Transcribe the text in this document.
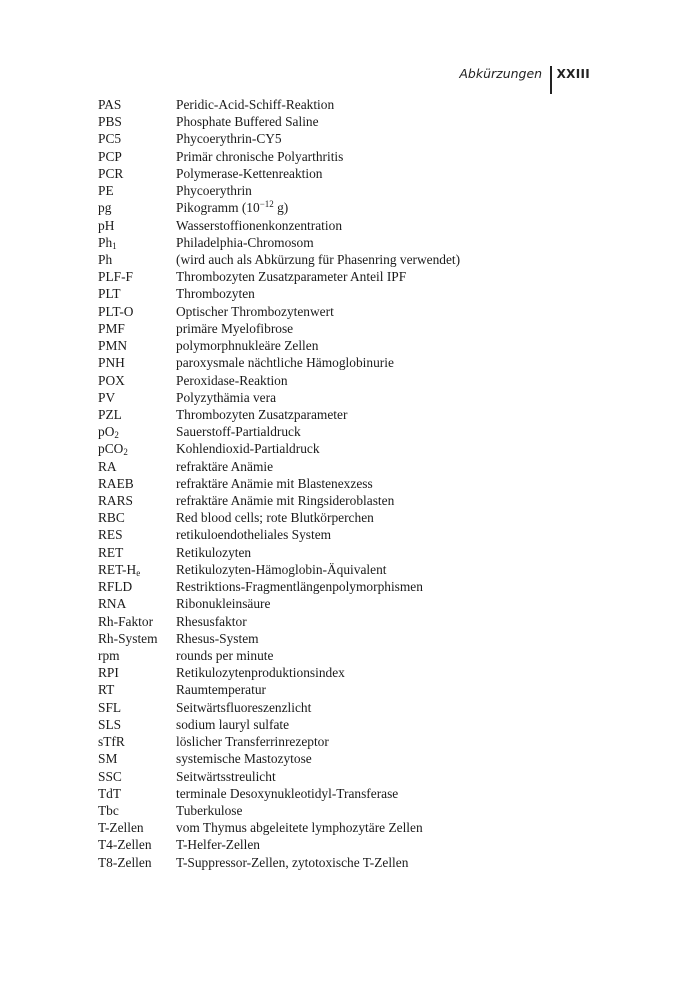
Abkürzungen	XXIII
PAS	Peridic-Acid-Schiff-Reaktion
PBS	Phosphate Buffered Saline
PC5	Phycoerythrin-CY5
PCP	Primär chronische Polyarthritis
PCR	Polymerase-Kettenreaktion
PE	Phycoerythrin
pg	Pikogramm ($10^{-12}$ g)
pH	Wasserstoffionenkonzentration
$Ph_1$	Philadelphia-Chromosom
Ph	(wird auch als Abkürzung für Phasenring verwendet)
PLF-F	Thrombozyten Zusatzparameter Anteil IPF
PLT	Thrombozyten
PLT-O	Optischer Thrombozytenwert
PMF	primäre Myelofibrose
PMN	polymorphnukleäre Zellen
PNH	paroxysmale nächtliche Hämoglobinurie
POX	Peroxidase-Reaktion
PV	Polyzythämia vera
PZL	Thrombozyten Zusatzparameter
$pO_2$	Sauerstoff-Partialdruck
pCO$_2$	Kohlendioxid-Partialdruck
RA	refraktäre Anämie
RAEB	refraktäre Anämie mit Blastenexzess
RARS	refraktäre Anämie mit Ringsideroblasten
RBC	Red blood cells; rote Blutkörperchen
RES	retikuloendotheliales System
RET	Retikulozyten
RET-$H_e$	Retikulozyten-Hämoglobin-Äquivalent
RFLD	Restriktions-Fragmentlängenpolymorphismen
RNA	Ribonukleinsäure
Rh-Faktor	Rhesusfaktor
Rh-System	Rhesus-System
rpm	rounds per minute
RPI	Retikulozytenproduktionsindex
RT	Raumtemperatur
SFL	Seitwärtsfluoreszenzlicht
SLS	sodium lauryl sulfate
sTfR	löslicher Transferrinrezeptor
SM	systemische Mastozytose
SSC	Seitwärtsstreulicht
TdT	terminale Desoxynukleotidyl-Transferase
Tbc	Tuberkulose
T-Zellen	vom Thymus abgeleitete lymphozytäre Zellen
T4-Zellen	T-Helfer-Zellen
T8-Zellen	T-Suppressor-Zellen, zytotoxische T-Zellen
